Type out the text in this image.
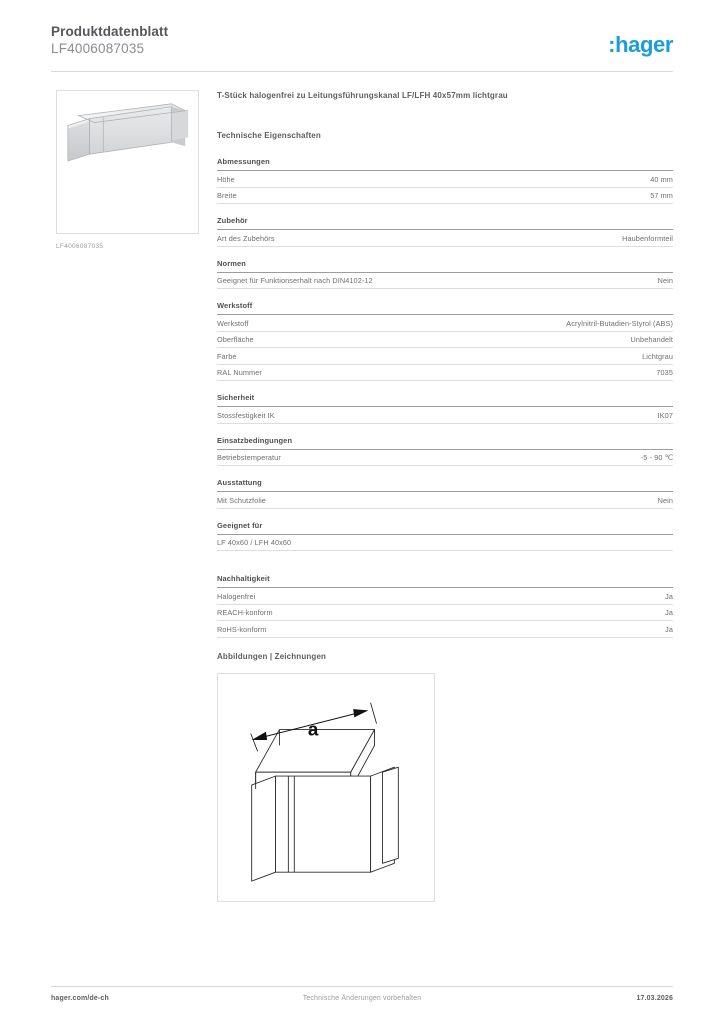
Produktdatenblatt
LF4006087035	:hager
LF4006087035
T-Stück halogenfrei zu Leitungsführungskanal LF/LFH 40x57mm lichtgrau
Technische Eigenschaften
Abmessungen
Höhe	40 mm
Breite	57 mm
Zubehör
Art des Zubehörs	Haubenformteil
Normen
Geeignet für Funktionserhalt nach DIN4102-12	Nein
Werkstoff
Werkstoff	Acrylnitril-Butadien-Styrol (ABS)
Oberfläche	Unbehandelt
Farbe	Lichtgrau
RAL Nummer	7035
Sicherheit
Stossfestigkeit IK	IK07
Einsatzbedingungen
Betriebstemperatur	-5 - 90 ℃
Ausstattung
Mit Schutzfolie	Nein
Geeignet für
LF 40x60 / LFH 40x60
Nachhaltigkeit
Halogenfrei	Ja
REACH-konform	Ja
RoHS-konform	Ja
Abbildungen | Zeichnungen
a
Technische Änderungen vorbehalten
hager.com/de-ch	17.03.2026
